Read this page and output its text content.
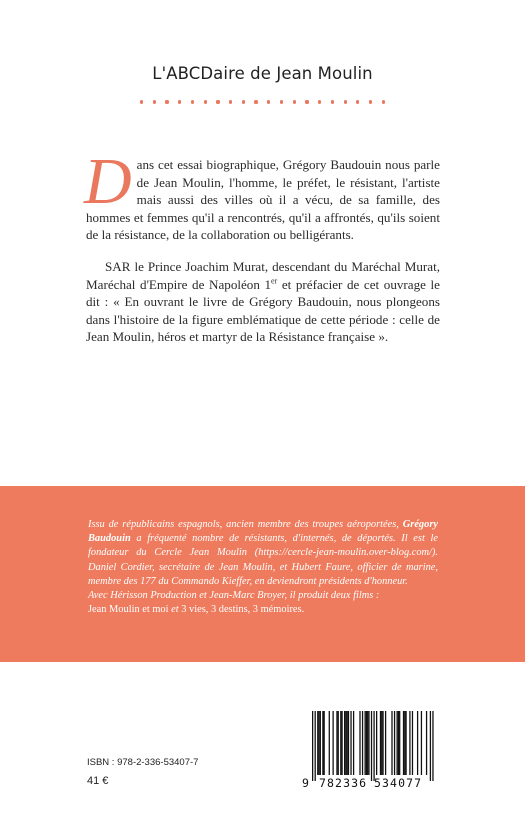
L'ABCDaire de Jean Moulin
Dans cet essai biographique, Grégory Baudouin nous parle de Jean Moulin, l'homme, le préfet, le résistant, l'artiste mais aussi des villes où il a vécu, de sa famille, des hommes et femmes qu'il a rencontrés, qu'il a affrontés, qu'ils soient de la résistance, de la collaboration ou belligérants.
SAR le Prince Joachim Murat, descendant du Maréchal Murat, Maréchal d'Empire de Napoléon 1er et préfacier de cet ouvrage le dit : « En ouvrant le livre de Grégory Baudouin, nous plongeons dans l'histoire de la figure emblématique de cette période : celle de Jean Moulin, héros et martyr de la Résistance française ».
Issu de républicains espagnols, ancien membre des troupes aéroportées, Grégory Baudouin a fréquenté nombre de résistants, d'internés, de déportés. Il est le fondateur du Cercle Jean Moulin (https://cercle-jean-moulin.over-blog.com/). Daniel Cordier, secrétaire de Jean Moulin, et Hubert Faure, officier de marine, membre des 177 du Commando Kieffer, en deviendront présidents d'honneur.
Avec Hérisson Production et Jean-Marc Broyer, il produit deux films :
Jean Moulin et moi et 3 vies, 3 destins, 3 mémoires.
ISBN : 978-2-336-53407-7
41 €	9 782336 534077
